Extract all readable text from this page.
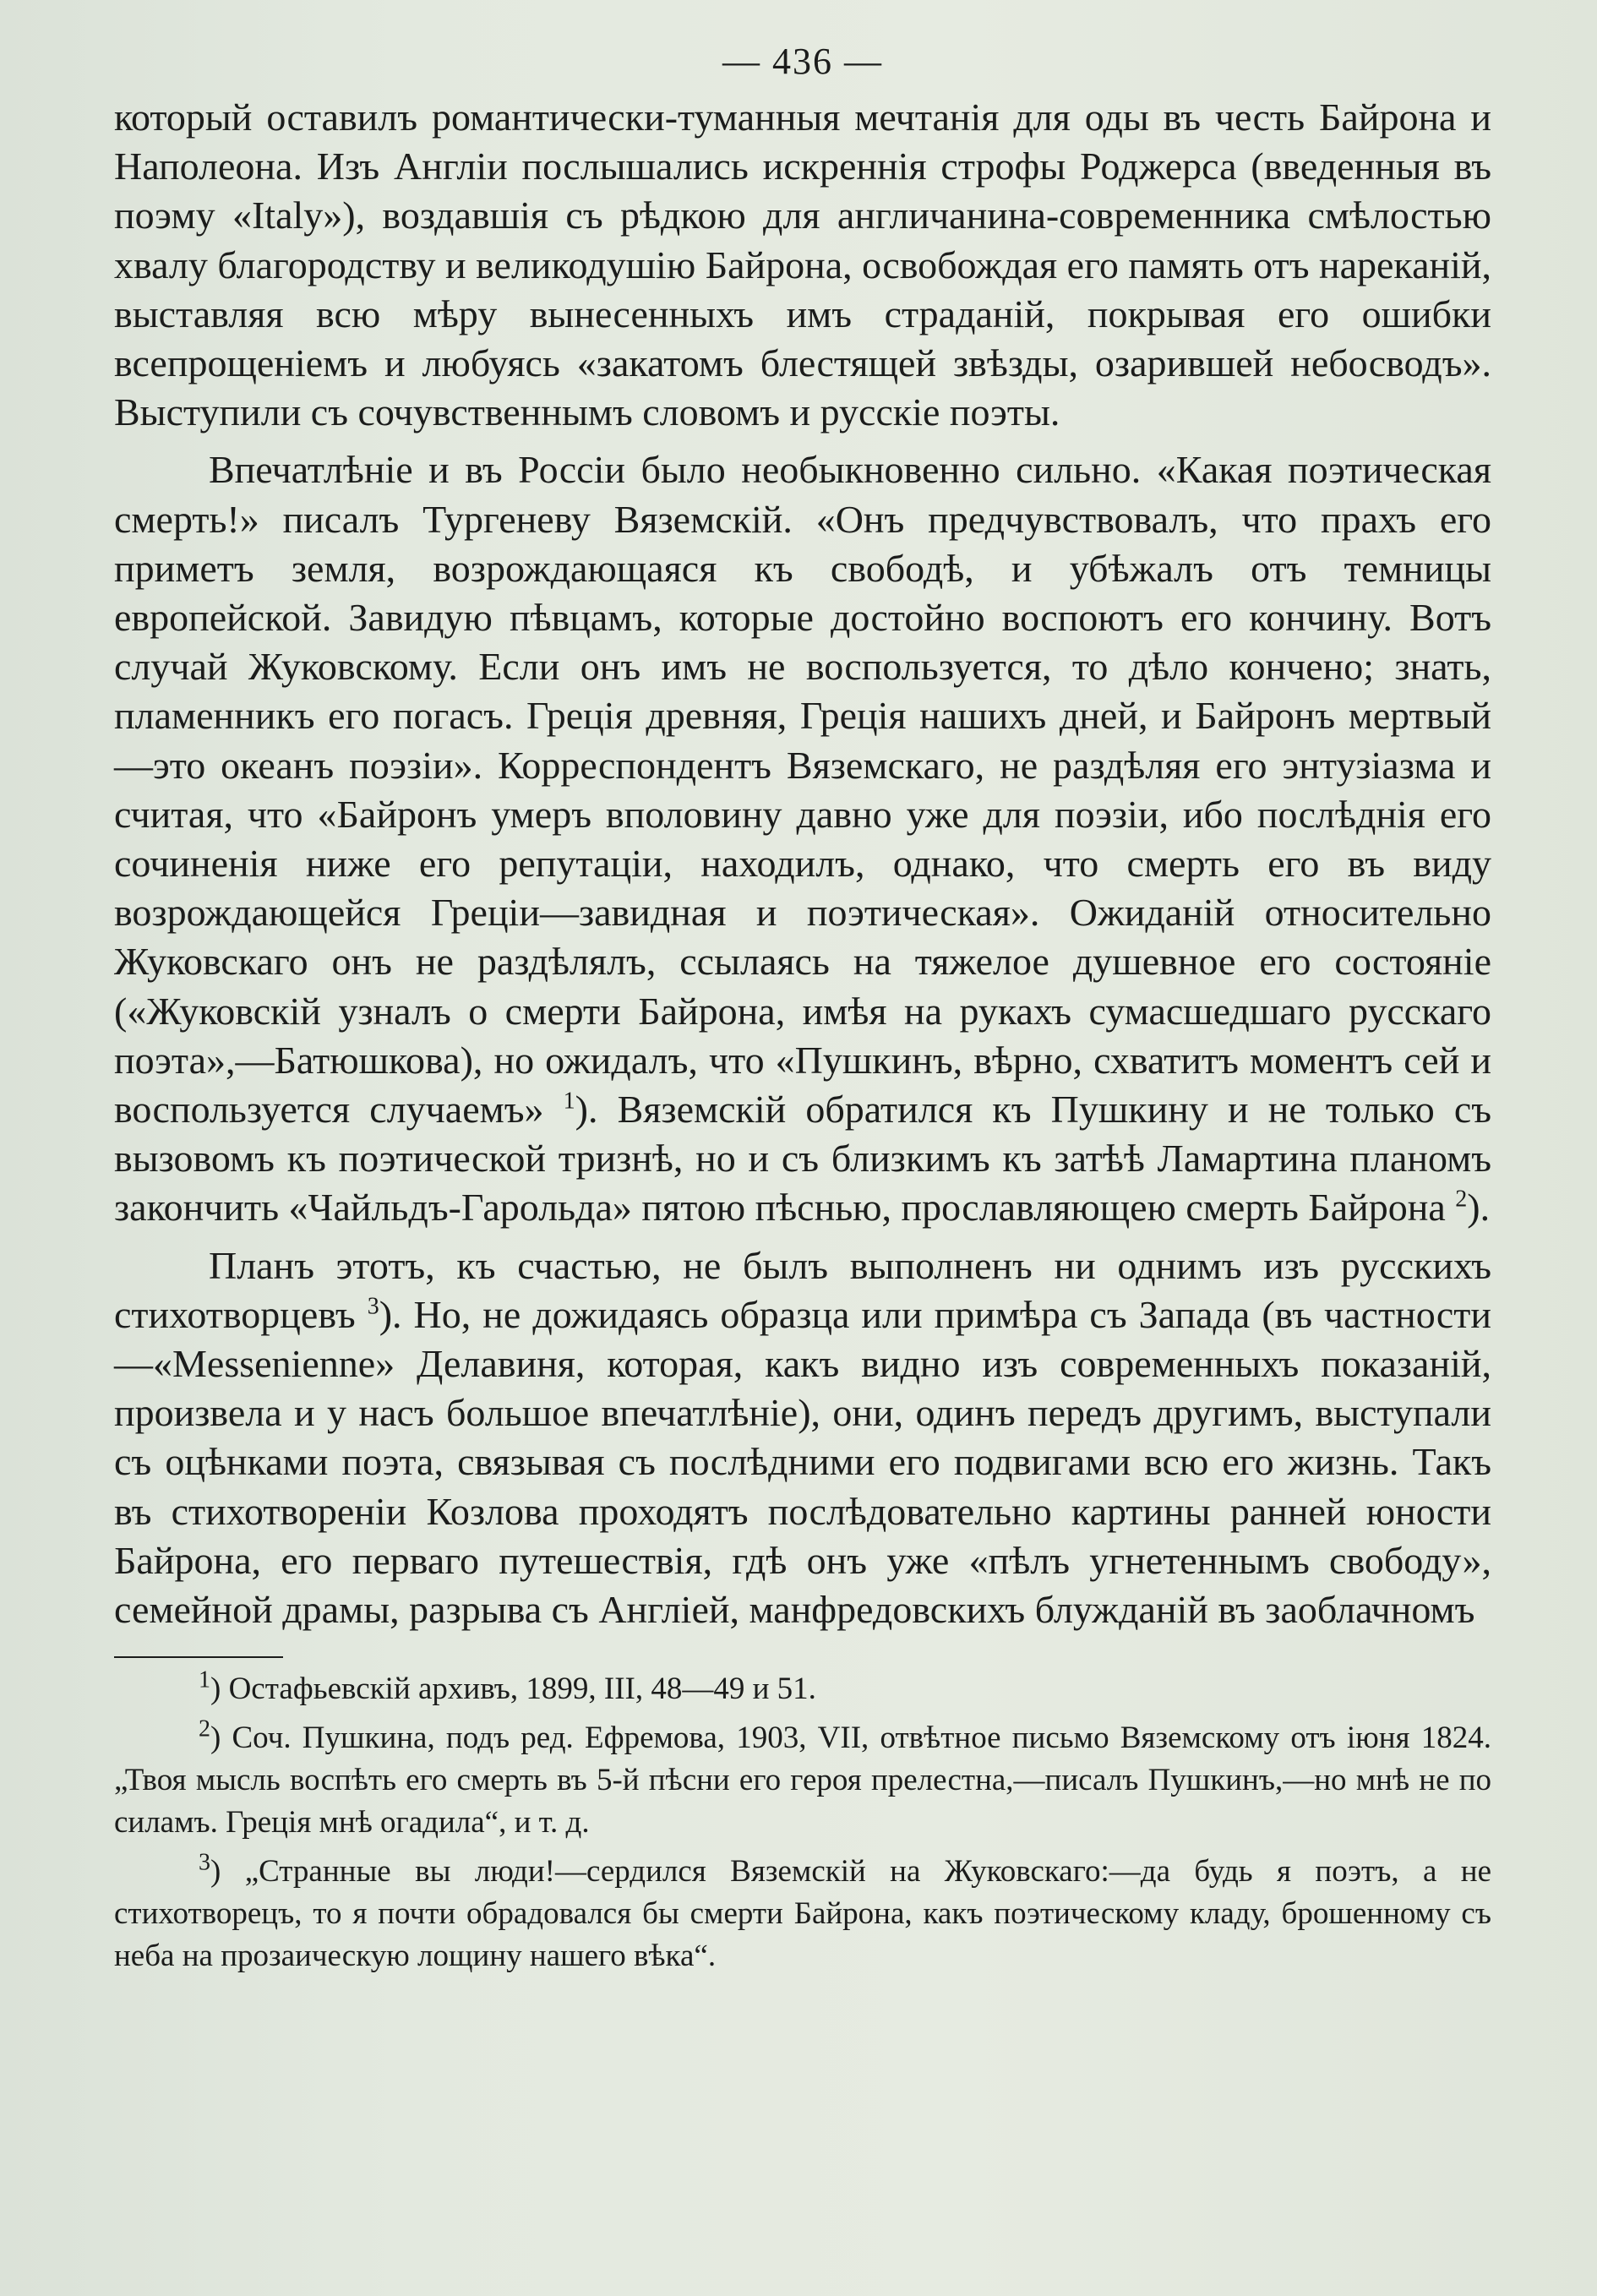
— 436 —

который оставилъ романтически-туманныя мечтанія для оды въ честь Байрона и Наполеона. Изъ Англіи послышались искреннія строфы Роджерса (введенныя въ поэму «Italy»), воздавшія съ рѣдкою для англичанина-современника смѣлостью хвалу благородству и великодушію Байрона, освобождая его память отъ нареканій, выставляя всю мѣру вынесенныхъ имъ страданій, покрывая его ошибки всепрощеніемъ и любуясь «закатомъ блестящей звѣзды, озарившей небосводъ». Выступили съ сочувственнымъ словомъ и русскіе поэты.

Впечатлѣніе и въ Россіи было необыкновенно сильно. «Какая поэтическая смерть!» писалъ Тургеневу Вяземскій. «Онъ предчувствовалъ, что прахъ его приметъ земля, возрождающаяся къ свободѣ, и убѣжалъ отъ темницы европейской. Завидую пѣвцамъ, которые достойно воспоютъ его кончину. Вотъ случай Жуковскому. Если онъ имъ не воспользуется, то дѣло кончено; знать, пламенникъ его погасъ. Греція древняя, Греція нашихъ дней, и Байронъ мертвый—это океанъ поэзіи». Корреспондентъ Вяземскаго, не раздѣляя его энтузіазма и считая, что «Байронъ умеръ вполовину давно уже для поэзіи, ибо послѣднія его сочиненія ниже его репутаціи, находилъ, однако, что смерть его въ виду возрождающейся Греціи—завидная и поэтическая». Ожиданій относительно Жуковскаго онъ не раздѣлялъ, ссылаясь на тяжелое душевное его состояніе («Жуковскій узналъ о смерти Байрона, имѣя на рукахъ сумасшедшаго русскаго поэта»,—Батюшкова), но ожидалъ, что «Пушкинъ, вѣрно, схватитъ моментъ сей и воспользуется случаемъ» $^1$). Вяземскій обратился къ Пушкину и не только съ вызовомъ къ поэтической тризнѣ, но и съ близкимъ къ затѣѣ Ламартина планомъ закончить «Чайльдъ-Гарольда» пятою пѣснью, прославляющею смерть Байрона $^2$).

Планъ этотъ, къ счастью, не былъ выполненъ ни однимъ изъ русскихъ стихотворцевъ $^3$). Но, не дожидаясь образца или примѣра съ Запада (въ частности—«Messenienne» Делавиня, которая, какъ видно изъ современныхъ показаній, произвела и у насъ большое впечатлѣніе), они, одинъ передъ другимъ, выступали съ оцѣнками поэта, связывая съ послѣдними его подвигами всю его жизнь. Такъ въ стихотвореніи Козлова проходятъ послѣдовательно картины ранней юности Байрона, его перваго путешествія, гдѣ онъ уже «пѣлъ угнетеннымъ свободу», семейной драмы, разрыва съ Англіей, манфредовскихъ блужданій въ заоблачномъ

$^1$) Остафьевскій архивъ, 1899, III, 48—49 и 51.

$^2$) Соч. Пушкина, подъ ред. Ефремова, 1903, VII, отвѣтное письмо Вяземскому отъ іюня 1824. „Твоя мысль воспѣть его смерть въ 5-й пѣсни его героя прелестна,—писалъ Пушкинъ,—но мнѣ не по силамъ. Греція мнѣ огадила“, и т. д.

$^3$) „Странные вы люди!—сердился Вяземскій на Жуковскаго:—да будь я поэтъ, а не стихотворецъ, то я почти обрадовался бы смерти Байрона, какъ поэтическому кладу, брошенному съ неба на прозаическую лощину нашего вѣка“.
